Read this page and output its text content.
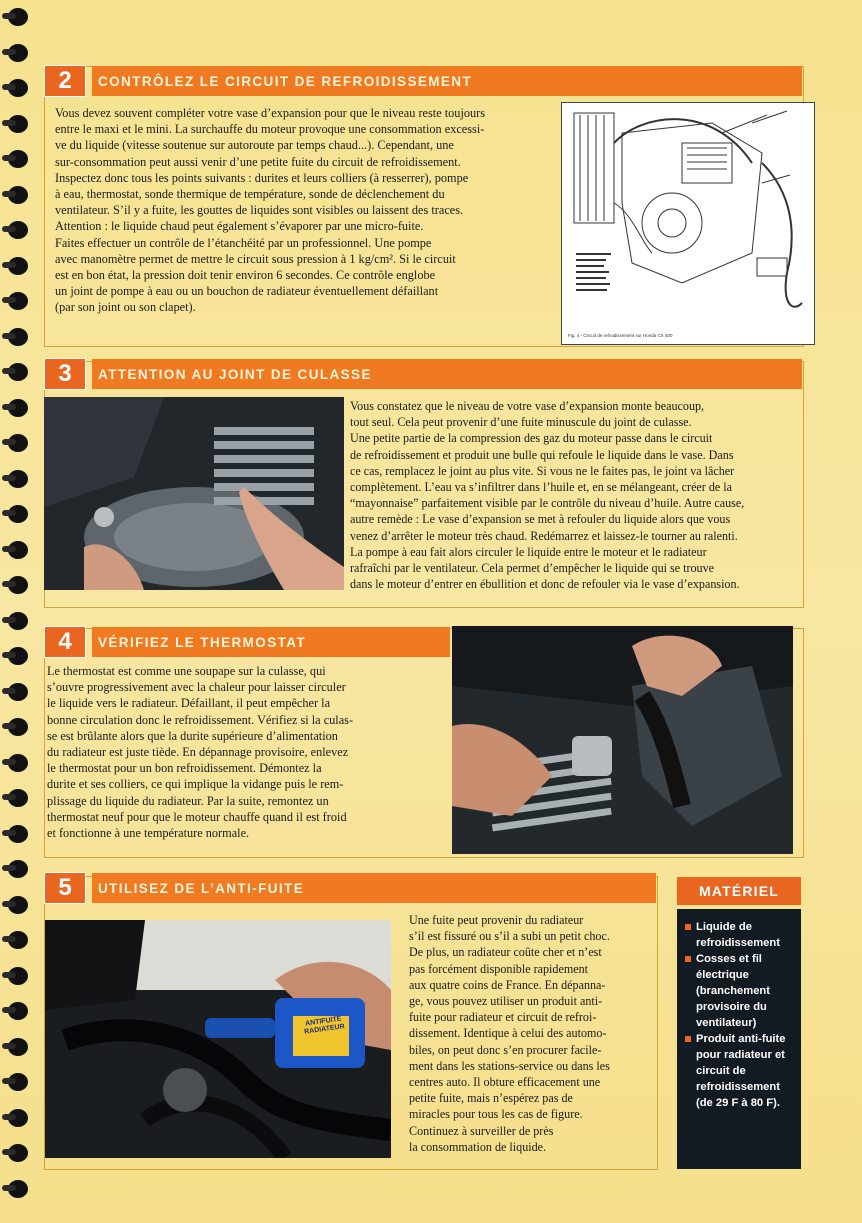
2	CONTRÔLEZ LE CIRCUIT DE REFROIDISSEMENT

Vous devez souvent compléter votre vase d’expansion pour que le niveau reste toujours

entre le maxi et le mini. La surchauffe du moteur provoque une consommation excessi-

ve du liquide (vitesse soutenue sur autoroute par temps chaud...). Cependant, une

sur-consommation peut aussi venir d’une petite fuite du circuit de refroidissement.

Inspectez donc tous les points suivants : durites et leurs colliers (à resserrer), pompe

à eau, thermostat, sonde thermique de température, sonde de déclenchement du

ventilateur. S’il y a fuite, les gouttes de liquides sont visibles ou laissent des traces.

Attention : le liquide chaud peut également s’évaporer par une micro-fuite.

Faites effectuer un contrôle de l’étanchéité par un professionnel. Une pompe

avec manomètre permet de mettre le circuit sous pression à 1 kg/cm². Si le circuit

est en bon état, la pression doit tenir environ 6 secondes. Ce contrôle englobe

un joint de pompe à eau ou un bouchon de radiateur éventuellement défaillant

(par son joint ou son clapet).

Fig. 4 - Circuit de refroidissement sur Honda CX 500
3	ATTENTION AU JOINT DE CULASSE

Vous constatez que le niveau de votre vase d’expansion monte beaucoup,

tout seul. Cela peut provenir d’une fuite minuscule du joint de culasse.

Une petite partie de la compression des gaz du moteur passe dans le circuit

de refroidissement et produit une bulle qui refoule le liquide dans le vase. Dans

ce cas, remplacez le joint au plus vite. Si vous ne le faites pas, le joint va lâcher

complètement. L’eau va s’infiltrer dans l’huile et, en se mélangeant, créer de la

“mayonnaise” parfaitement visible par le contrôle du niveau d’huile. Autre cause,

autre remède : Le vase d’expansion se met à refouler du liquide alors que vous

venez d’arrêter le moteur très chaud. Redémarrez et laissez-le tourner au ralenti.

La pompe à eau fait alors circuler le liquide entre le moteur et le radiateur

rafraîchi par le ventilateur. Cela permet d’empêcher le liquide qui se trouve

dans le moteur d’entrer en ébullition et donc de refouler via le vase d’expansion.

4	VÉRIFIEZ LE THERMOSTAT

Le thermostat est comme une soupape sur la culasse, qui

s’ouvre progressivement avec la chaleur pour laisser circuler

le liquide vers le radiateur. Défaillant, il peut empêcher la

bonne circulation donc le refroidissement. Vérifiez si la culas-

se est brûlante alors que la durite supérieure d’alimentation

du radiateur est juste tiède. En dépannage provisoire, enlevez

le thermostat pour un bon refroidissement. Démontez la

durite et ses colliers, ce qui implique la vidange puis le rem-

plissage du liquide du radiateur. Par la suite, remontez un

thermostat neuf pour que le moteur chauffe quand il est froid

et fonctionne à une température normale.

5	UTILISEZ DE L’ANTI-FUITE
ANTIFUITE RADIATEUR

Une fuite peut provenir du radiateur

s’il est fissuré ou s’il a subi un petit choc.

De plus, un radiateur coûte cher et n’est

pas forcément disponible rapidement

aux quatre coins de France. En dépanna-

ge, vous pouvez utiliser un produit anti-

fuite pour radiateur et circuit de refroi-

dissement. Identique à celui des automo-

biles, on peut donc s’en procurer facile-

ment dans les stations-service ou dans les

centres auto. Il obture efficacement une

petite fuite, mais n’espérez pas de

miracles pour tous les cas de figure.

Continuez à surveiller de près

la consommation de liquide.

MATÉRIEL
Liquide de refroidissement
Cosses et fil électrique (branchement provisoire du ventilateur)
Produit anti-fuite pour radiateur et circuit de refroidissement (de 29 F à 80 F).
